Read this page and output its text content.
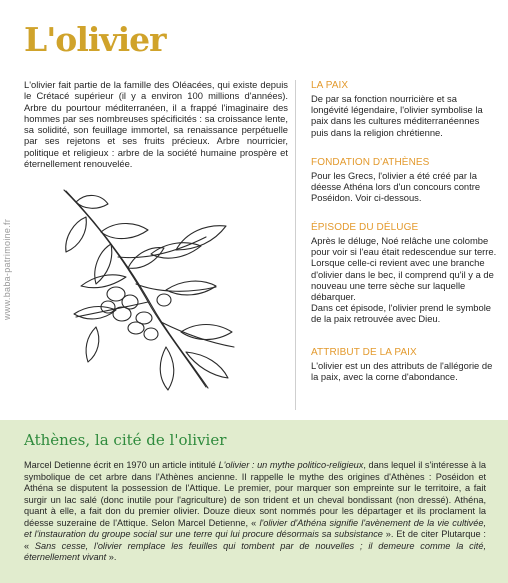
L'olivier
www.baba-patrimoine.fr

L'olivier fait partie de la famille des Oléacées, qui existe depuis le Crétacé supérieur (il y a environ 100 millions d'années). Arbre du pourtour méditerranéen, il a frappé l'imaginaire des hommes par ses nombreuses spécificités : sa croissance lente, sa solidité, son feuillage immortel, sa renaissance perpétuelle par ses rejetons et ses fruits précieux. Arbre nourricier, politique et religieux : arbre de la société humaine prospère et éternellement renouvelée.

LA PAIX
De par sa fonction nourricière et sa longévité légendaire, l'olivier symbolise la paix dans les cultures méditerranéennes puis dans la religion chrétienne.
FONDATION D'ATHÈNES
Pour les Grecs, l'olivier a été créé par la déesse Athéna lors d'un concours contre Poséidon. Voir ci-dessous.
ÉPISODE DU DÉLUGE
Après le déluge, Noé relâche une colombe pour voir si l'eau était redescendue sur terre. Lorsque celle-ci revient avec une branche d'olivier dans le bec, il comprend qu'il y a de nouveau une terre sèche sur laquelle débarquer.
Dans cet épisode, l'olivier prend le symbole de la paix retrouvée avec Dieu.
ATTRIBUT DE LA PAIX
L'olivier est un des attributs de l'allégorie de la paix, avec la corne d'abondance.
Athènes, la cité de l'olivier

Marcel Detienne écrit en 1970 un article intitulé L'olivier : un mythe politico-religieux, dans lequel il s'intéresse à la symbolique de cet arbre dans l'Athènes ancienne. Il rappelle le mythe des origines d'Athènes : Poséidon et Athéna se disputent la possession de l'Attique. Le premier, pour marquer son empreinte sur le territoire, a fait surgir un lac salé (donc inutile pour l'agriculture) de son trident et un cheval bondissant (non dressé). Athéna, quant à elle, a fait don du premier olivier. Douze dieux sont nommés pour les départager et ils proclament la déesse suzeraine de l'Attique. Selon Marcel Detienne, « l'olivier d'Athéna signifie l'avènement de la vie cultivée, et l'instauration du groupe social sur une terre qui lui procure désormais sa subsistance ». Et de citer Plutarque : « Sans cesse, l'olivier remplace les feuilles qui tombent par de nouvelles ; il demeure comme la cité, éternellement vivant ».
